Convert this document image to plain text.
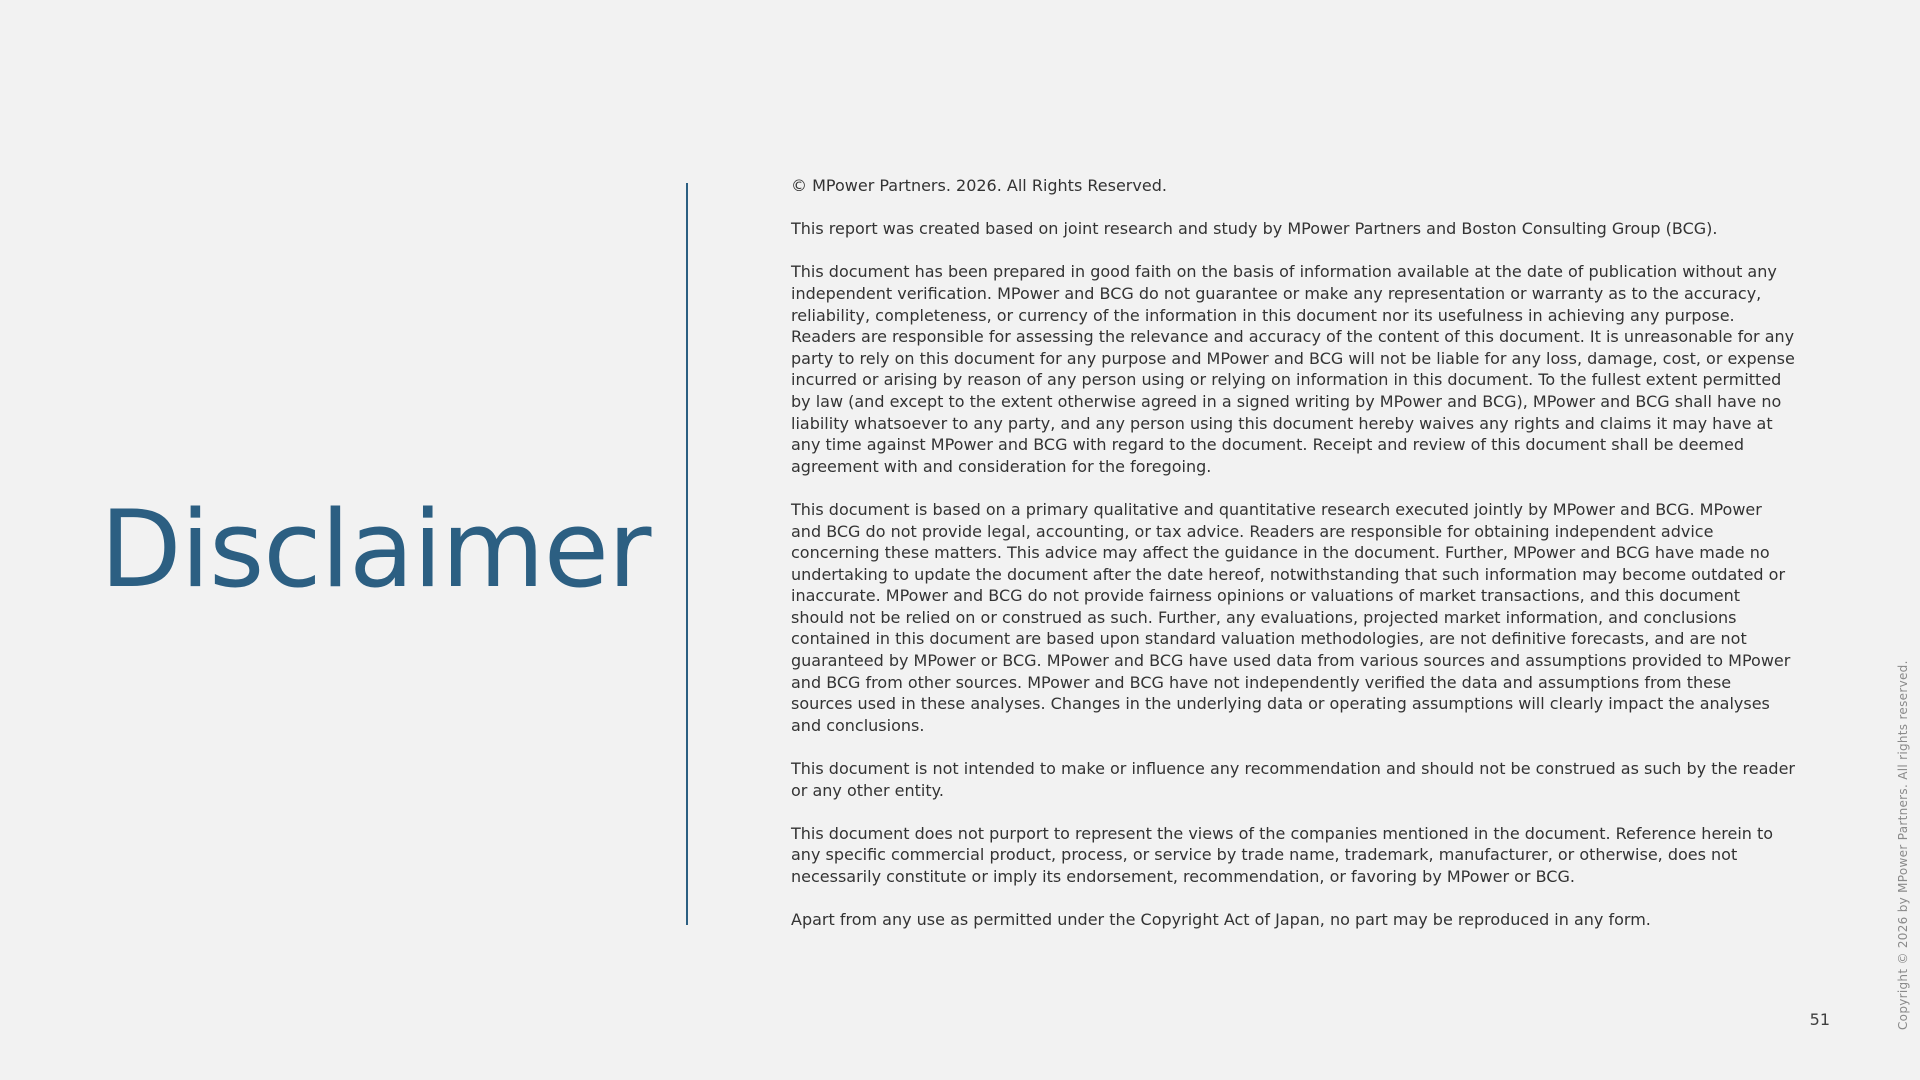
Disclaimer

© MPower Partners. 2026. All Rights Reserved.

This report was created based on joint research and study by MPower Partners and Boston Consulting Group (BCG).

This document has been prepared in good faith on the basis of information available at the date of publication without any independent verification. MPower and BCG do not guarantee or make any representation or warranty as to the accuracy, reliability, completeness, or currency of the information in this document nor its usefulness in achieving any purpose. Readers are responsible for assessing the relevance and accuracy of the content of this document. It is unreasonable for any party to rely on this document for any purpose and MPower and BCG will not be liable for any loss, damage, cost, or expense incurred or arising by reason of any person using or relying on information in this document. To the fullest extent permitted by law (and except to the extent otherwise agreed in a signed writing by MPower and BCG), MPower and BCG shall have no liability whatsoever to any party, and any person using this document hereby waives any rights and claims it may have at any time against MPower and BCG with regard to the document. Receipt and review of this document shall be deemed agreement with and consideration for the foregoing.

This document is based on a primary qualitative and quantitative research executed jointly by MPower and BCG. MPower and BCG do not provide legal, accounting, or tax advice. Readers are responsible for obtaining independent advice concerning these matters. This advice may affect the guidance in the document. Further, MPower and BCG have made no undertaking to update the document after the date hereof, notwithstanding that such information may become outdated or inaccurate. MPower and BCG do not provide fairness opinions or valuations of market transactions, and this document should not be relied on or construed as such. Further, any evaluations, projected market information, and conclusions contained in this document are based upon standard valuation methodologies, are not definitive forecasts, and are not guaranteed by MPower or BCG. MPower and BCG have used data from various sources and assumptions provided to MPower and BCG from other sources. MPower and BCG have not independently verified the data and assumptions from these sources used in these analyses. Changes in the underlying data or operating assumptions will clearly impact the analyses and conclusions.

This document is not intended to make or influence any recommendation and should not be construed as such by the reader or any other entity.

This document does not purport to represent the views of the companies mentioned in the document. Reference herein to any specific commercial product, process, or service by trade name, trademark, manufacturer, or otherwise, does not necessarily constitute or imply its endorsement, recommendation, or favoring by MPower or BCG.

Apart from any use as permitted under the Copyright Act of Japan, no part may be reproduced in any form.

51	Copyright © 2026 by MPower Partners. All rights reserved.
